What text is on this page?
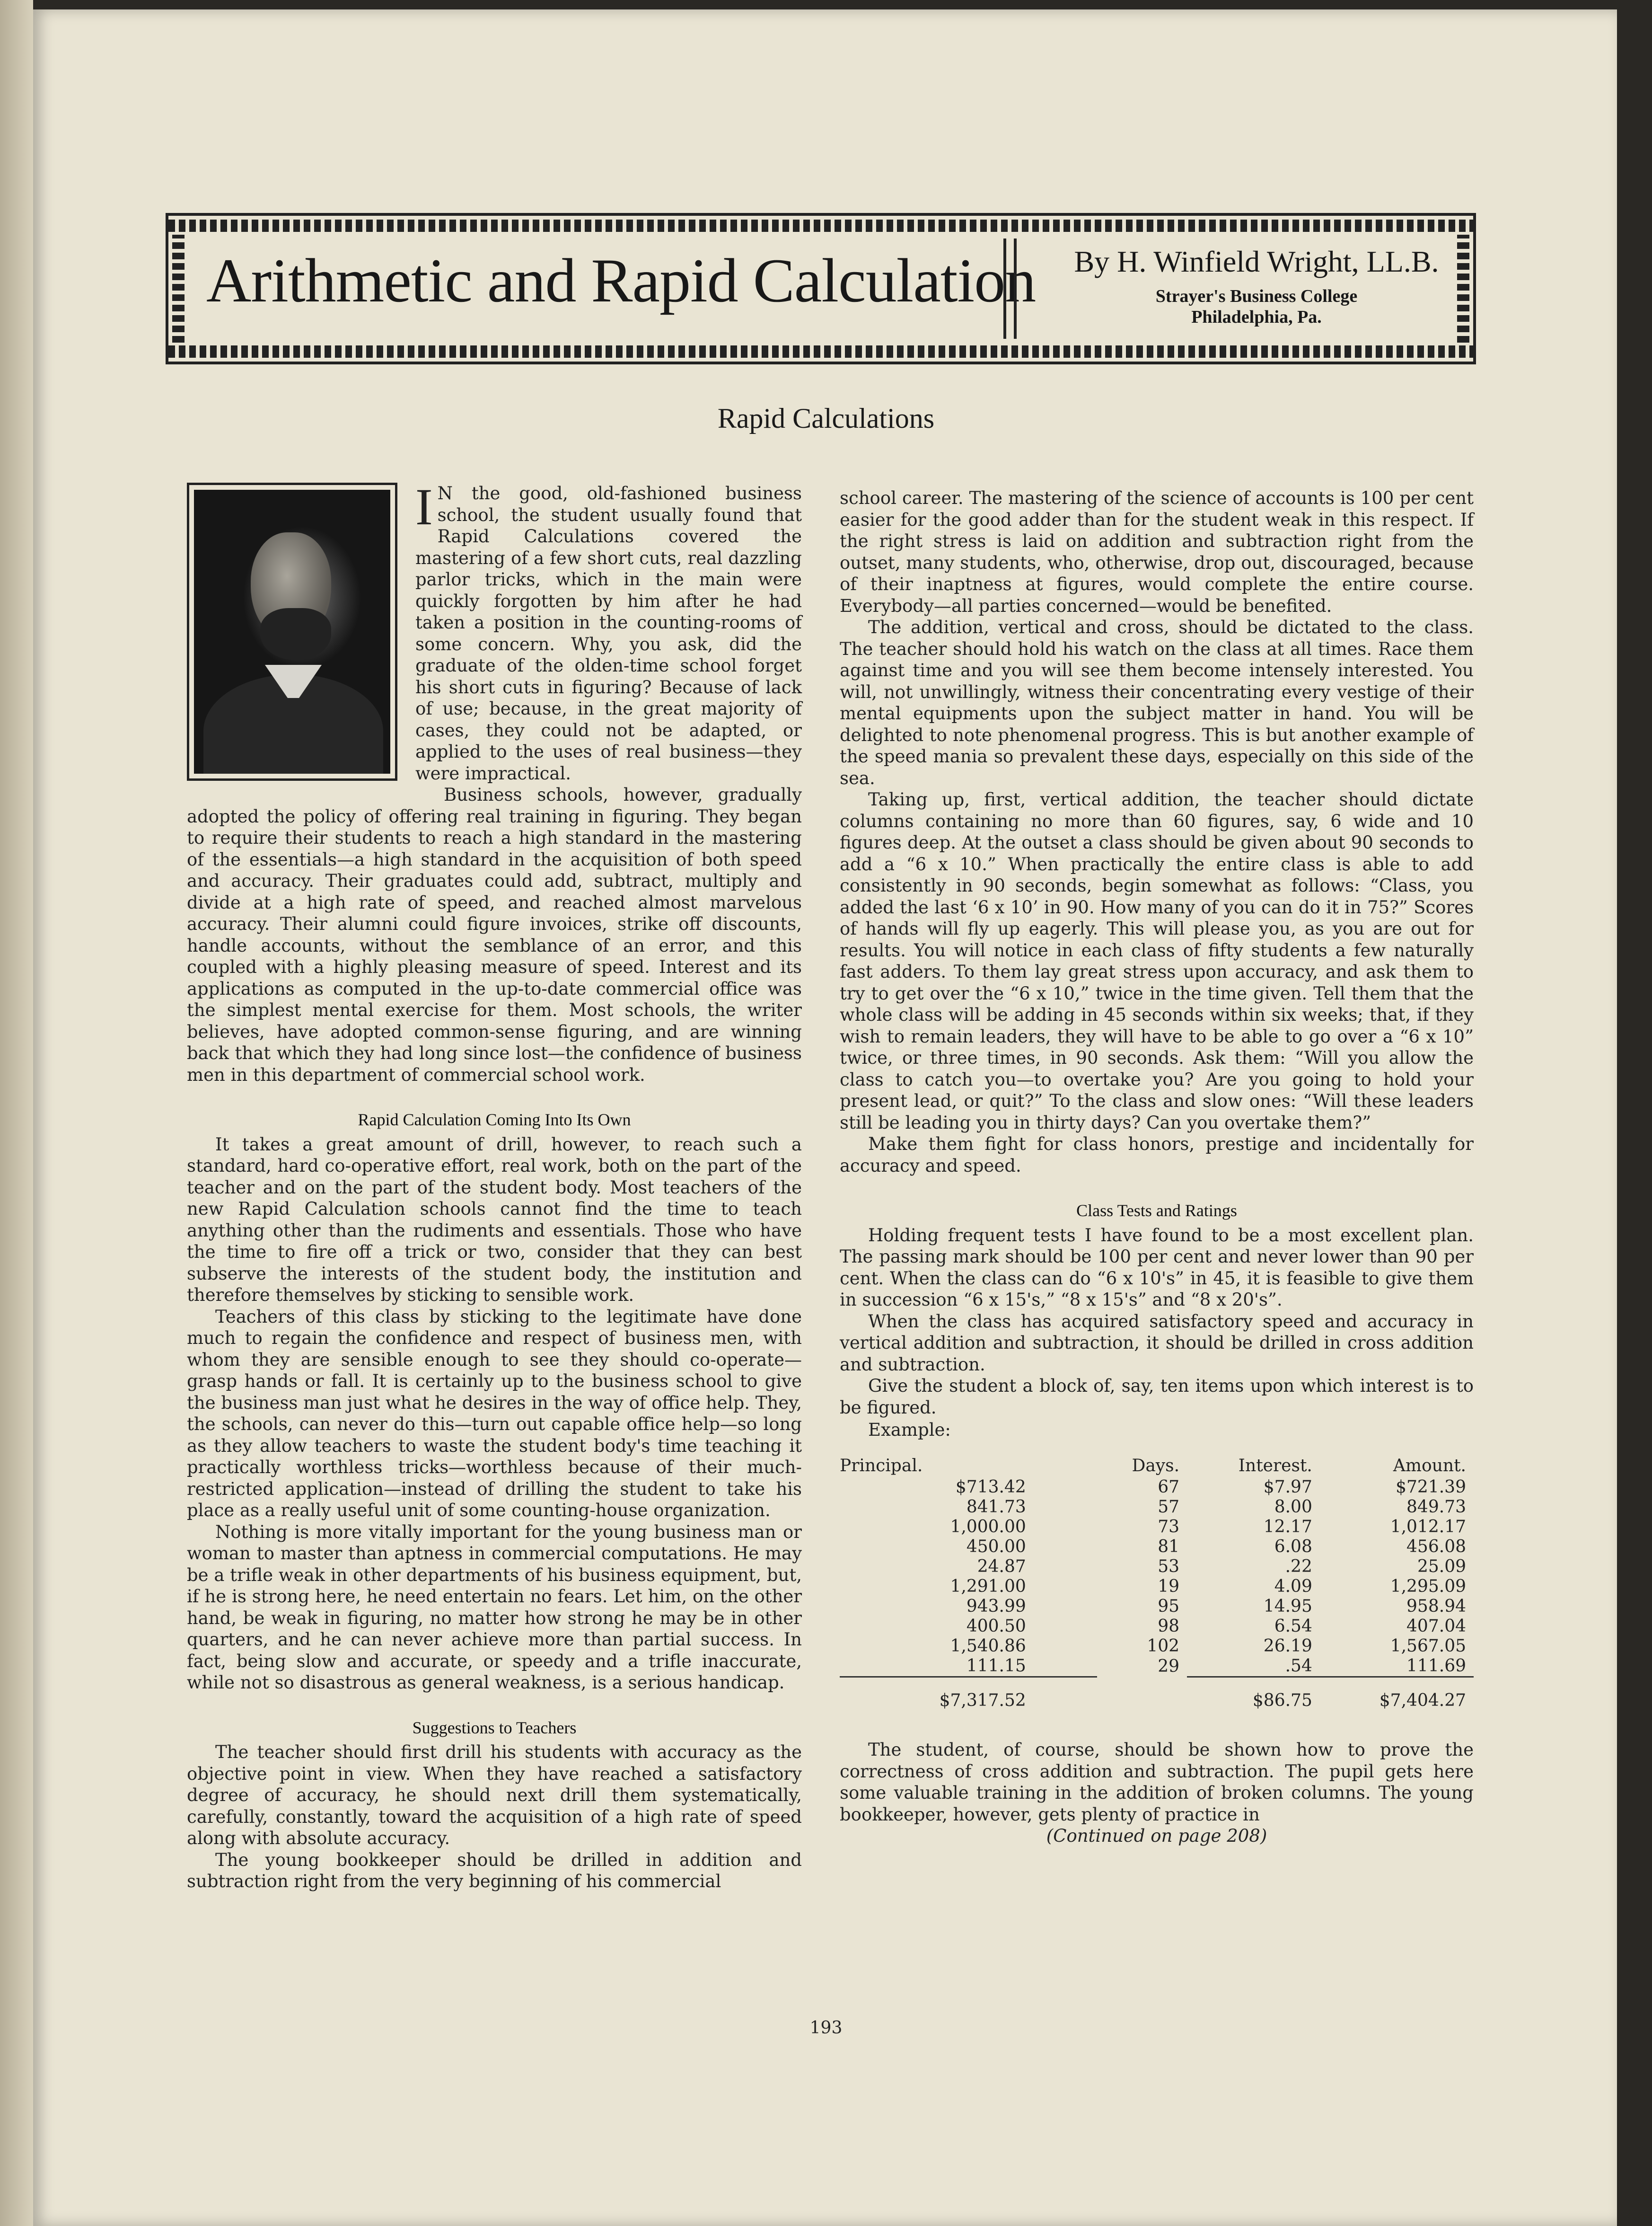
Arithmetic and Rapid Calculation By H. Winfield Wright, LL.B.
Strayer's Business College
Philadelphia, Pa.
Rapid Calculations

I N the good, old-fashioned business school, the student usually found that Rapid Calculations covered the mastering of a few short cuts, real dazzling parlor tricks, which in the main were quickly forgotten by him after he had taken a position in the counting-rooms of some concern. Why, you ask, did the graduate of the olden-time school forget his short cuts in figuring? Because of lack of use; because, in the great majority of cases, they could not be adapted, or applied to the uses of real business—they were impractical.

Business schools, however, gradually adopted the policy of offering real training in figuring. They began to require their students to reach a high standard in the mastering of the essentials—a high standard in the acquisition of both speed and accuracy. Their graduates could add, subtract, multiply and divide at a high rate of speed, and reached almost marvelous accuracy. Their alumni could figure invoices, strike off discounts, handle accounts, without the semblance of an error, and this coupled with a highly pleasing measure of speed. Interest and its applications as computed in the up-to-date commercial office was the simplest mental exercise for them. Most schools, the writer believes, have adopted common-sense figuring, and are winning back that which they had long since lost—the confidence of business men in this department of commercial school work.

Rapid Calculation Coming Into Its Own

It takes a great amount of drill, however, to reach such a standard, hard co-operative effort, real work, both on the part of the teacher and on the part of the student body. Most teachers of the new Rapid Calculation schools cannot find the time to teach anything other than the rudiments and essentials. Those who have the time to fire off a trick or two, consider that they can best subserve the interests of the student body, the institution and therefore themselves by sticking to sensible work.

Teachers of this class by sticking to the legitimate have done much to regain the confidence and respect of business men, with whom they are sensible enough to see they should co-operate—grasp hands or fall. It is certainly up to the business school to give the business man just what he desires in the way of office help. They, the schools, can never do this—turn out capable office help—so long as they allow teachers to waste the student body's time teaching it practically worthless tricks—worthless because of their much-restricted application—instead of drilling the student to take his place as a really useful unit of some counting-house organization.

Nothing is more vitally important for the young business man or woman to master than aptness in commercial computations. He may be a trifle weak in other departments of his business equipment, but, if he is strong here, he need entertain no fears. Let him, on the other hand, be weak in figuring, no matter how strong he may be in other quarters, and he can never achieve more than partial success. In fact, being slow and accurate, or speedy and a trifle inaccurate, while not so disastrous as general weakness, is a serious handicap.

Suggestions to Teachers

The teacher should first drill his students with accuracy as the objective point in view. When they have reached a satisfactory degree of accuracy, he should next drill them systematically, carefully, constantly, toward the acquisition of a high rate of speed along with absolute accuracy.

The young bookkeeper should be drilled in addition and subtraction right from the very beginning of his commercial

school career. The mastering of the science of accounts is 100 per cent easier for the good adder than for the student weak in this respect. If the right stress is laid on addition and subtraction right from the outset, many students, who, otherwise, drop out, discouraged, because of their inaptness at figures, would complete the entire course. Everybody—all parties concerned—would be benefited.

The addition, vertical and cross, should be dictated to the class. The teacher should hold his watch on the class at all times. Race them against time and you will see them become intensely interested. You will, not unwillingly, witness their concentrating every vestige of their mental equipments upon the subject matter in hand. You will be delighted to note phenomenal progress. This is but another example of the speed mania so prevalent these days, especially on this side of the sea.

Taking up, first, vertical addition, the teacher should dictate columns containing no more than 60 figures, say, 6 wide and 10 figures deep. At the outset a class should be given about 90 seconds to add a “6 x 10.” When practically the entire class is able to add consistently in 90 seconds, begin somewhat as follows: “Class, you added the last ‘6 x 10’ in 90. How many of you can do it in 75?” Scores of hands will fly up eagerly. This will please you, as you are out for results. You will notice in each class of fifty students a few naturally fast adders. To them lay great stress upon accuracy, and ask them to try to get over the “6 x 10,” twice in the time given. Tell them that the whole class will be adding in 45 seconds within six weeks; that, if they wish to remain leaders, they will have to be able to go over a “6 x 10” twice, or three times, in 90 seconds. Ask them: “Will you allow the class to catch you—to overtake you? Are you going to hold your present lead, or quit?” To the class and slow ones: “Will these leaders still be leading you in thirty days? Can you overtake them?”

Make them fight for class honors, prestige and incidentally for accuracy and speed.

Class Tests and Ratings

Holding frequent tests I have found to be a most excellent plan. The passing mark should be 100 per cent and never lower than 90 per cent. When the class can do “6 x 10's” in 45, it is feasible to give them in succession “6 x 15's,” “8 x 15's” and “8 x 20's”.

When the class has acquired satisfactory speed and accuracy in vertical addition and subtraction, it should be drilled in cross addition and subtraction.

Give the student a block of, say, ten items upon which interest is to be figured.

Example:
Principal.	Days.	Interest.	Amount.
$713.42	67	$7.97	$721.39
841.73	57	8.00	849.73
1,000.00	73	12.17	1,012.17
450.00	81	6.08	456.08
24.87	53	.22	25.09
1,291.00	19	4.09	1,295.09
943.99	95	14.95	958.94
400.50	98	6.54	407.04
1,540.86	102	26.19	1,567.05
111.15	29	.54	111.69
$7,317.52		$86.75	$7,404.27

The student, of course, should be shown how to prove the correctness of cross addition and subtraction. The pupil gets here some valuable training in the addition of broken columns. The young bookkeeper, however, gets plenty of practice in

(Continued on page 208)
193
